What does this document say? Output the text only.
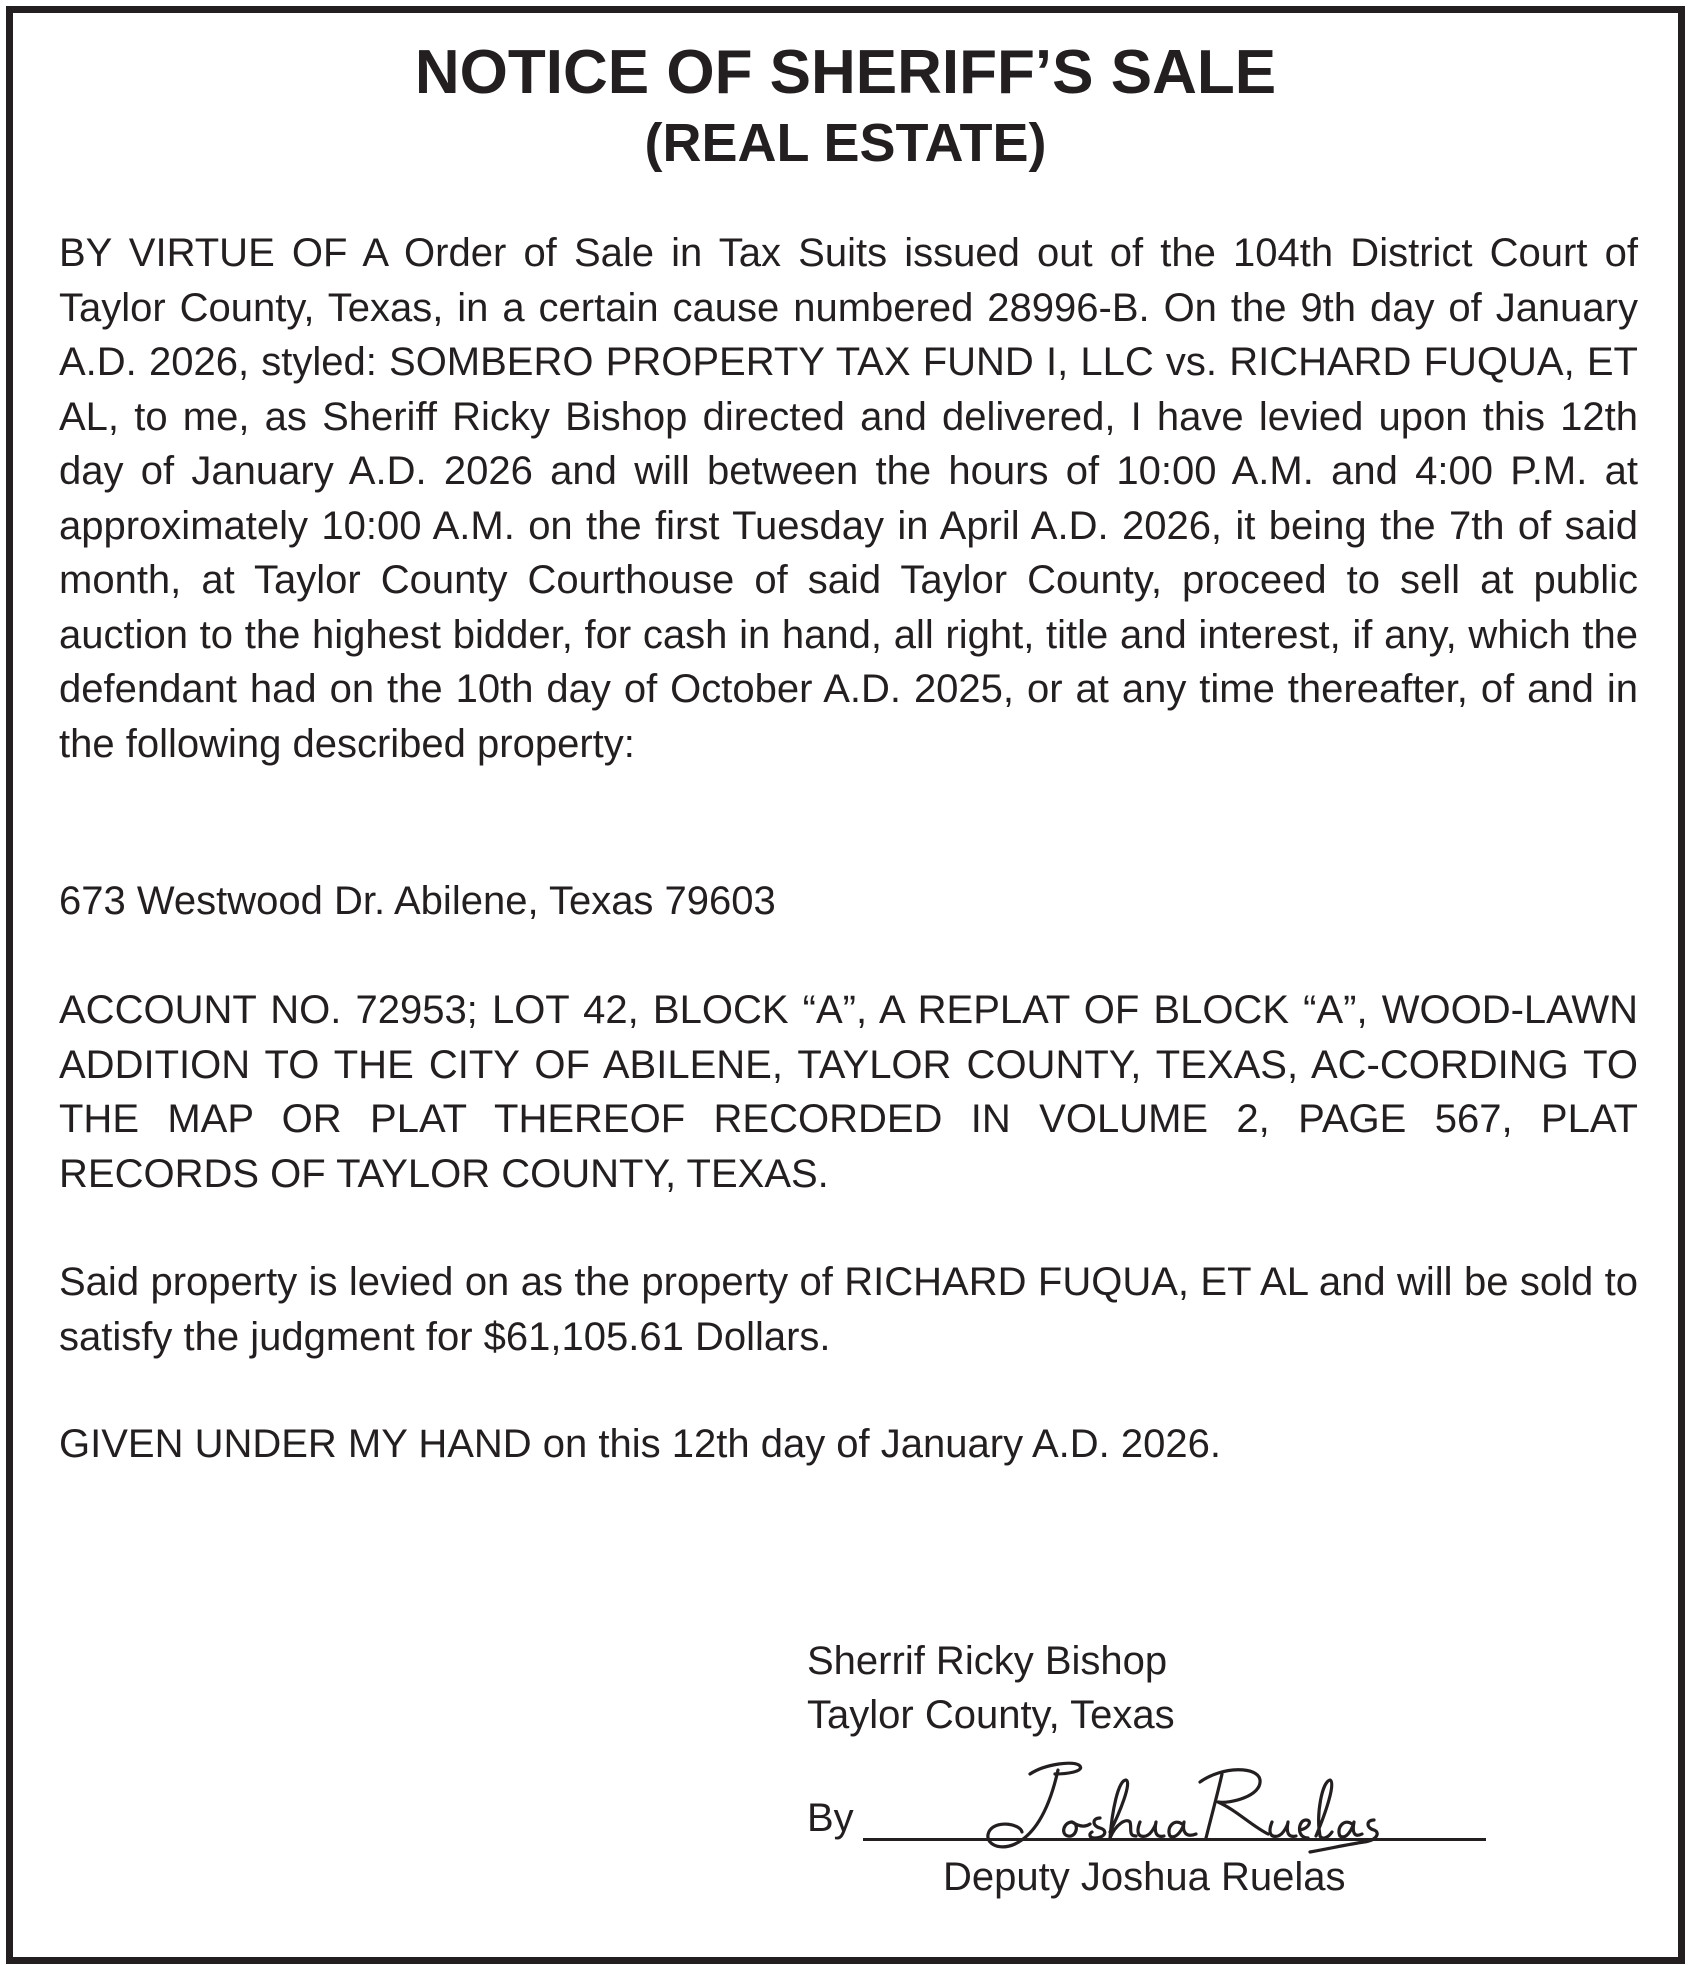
NOTICE OF SHERIFF’S SALE
(REAL ESTATE)

BY VIRTUE OF A Order of Sale in Tax Suits issued out of the 104th District Court of Taylor County, Texas, in a certain cause numbered 28996-B. On the 9th day of January A.D. 2026, styled: SOMBERO PROPERTY TAX FUND I, LLC vs. RICHARD FUQUA, ET AL, to me, as Sheriff Ricky Bishop directed and delivered, I have levied upon this 12th day of January A.D. 2026 and will between the hours of 10:00 A.M. and 4:00 P.M. at approximately 10:00 A.M. on the first Tuesday in April A.D. 2026, it being the 7th of said month, at Taylor County Courthouse of said Taylor County, proceed to sell at public auction to the highest bidder, for cash in hand, all right, title and interest, if any, which the defendant had on the 10th day of October A.D. 2025, or at any time thereafter, of and in the following described property:

673 Westwood Dr. Abilene, Texas 79603

ACCOUNT NO. 72953; LOT 42, BLOCK “A”, A REPLAT OF BLOCK “A”, WOOD-LAWN ADDITION TO THE CITY OF ABILENE, TAYLOR COUNTY, TEXAS, AC-CORDING TO THE MAP OR PLAT THEREOF RECORDED IN VOLUME 2, PAGE 567, PLAT RECORDS OF TAYLOR COUNTY, TEXAS.

Said property is levied on as the property of RICHARD FUQUA, ET AL and will be sold to satisfy the judgment for $61,105.61 Dollars.

GIVEN UNDER MY HAND on this 12th day of January A.D. 2026.

Sherrif Ricky Bishop

Taylor County, Texas

By

Deputy Joshua Ruelas
